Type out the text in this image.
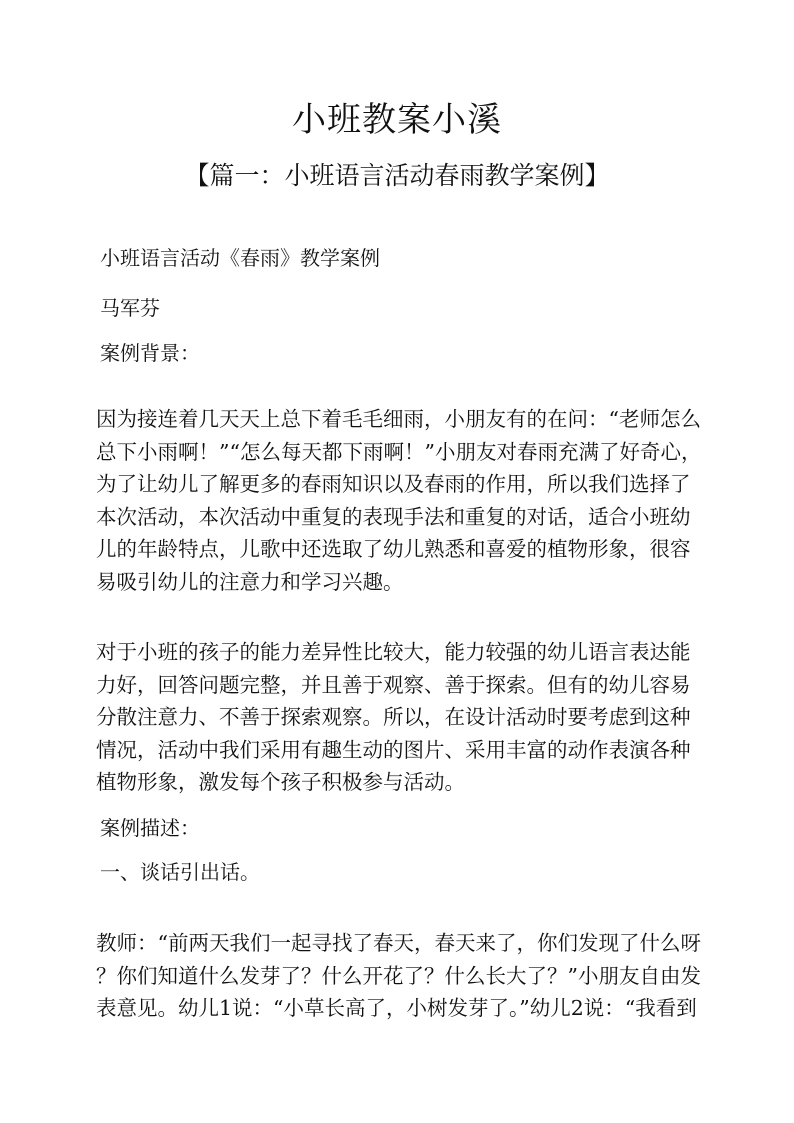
小班教案小溪
【篇一：小班语言活动春雨教学案例】
小班语言活动《春雨》教学案例
马军芬
案例背景：
因为接连着几天天上总下着毛毛细雨，小朋友有的在问：“老师怎么
总下小雨啊！”“怎么每天都下雨啊！”小朋友对春雨充满了好奇心，
为了让幼儿了解更多的春雨知识以及春雨的作用，所以我们选择了
本次活动，本次活动中重复的表现手法和重复的对话，适合小班幼
儿的年龄特点，儿歌中还选取了幼儿熟悉和喜爱的植物形象，很容
易吸引幼儿的注意力和学习兴趣。
对于小班的孩子的能力差异性比较大，能力较强的幼儿语言表达能
力好，回答问题完整，并且善于观察、善于探索。但有的幼儿容易
分散注意力、不善于探索观察。所以，在设计活动时要考虑到这种
情况，活动中我们采用有趣生动的图片、采用丰富的动作表演各种
植物形象，激发每个孩子积极参与活动。
案例描述：
一、谈话引出话。
教师：“前两天我们一起寻找了春天，春天来了，你们发现了什么呀
？你们知道什么发芽了？什么开花了？什么长大了？”小朋友自由发
表意见。幼儿1说：“小草长高了，小树发芽了。”幼儿2说：“我看到
